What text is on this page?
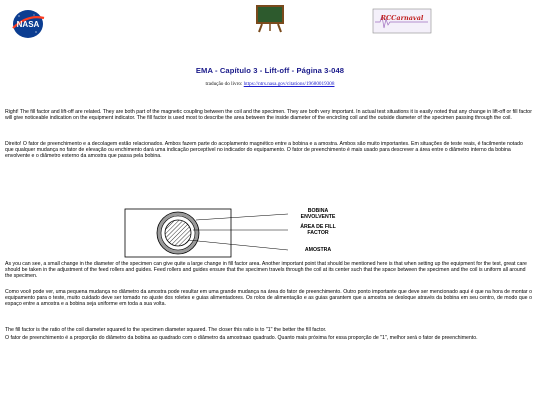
NASA
RCCarnaval
EMA - Capítulo 3 - Lift-off - Página 3-048
tradução do livro: https://ntrs.nasa.gov/citations/19680019308

Right! The fill factor and lift-off are related. They are both part of the magnetic coupling between the coil and the specimen. They are both very important. In actual test situations it is easily noted that any change in lift-off or fill factor will give noticeable indication on the equipment indicator. The fill factor is used most to describe the area between the inside diameter of the encircling coil and the outside diameter of the specimen passing through the coil.

Direito! O fator de preenchimento e a decolagem estão relacionados. Ambos fazem parte do acoplamento magnético entre a bobina e a amostra. Ambos são muito importantes. Em situações de teste reais, é facilmente notado que qualquer mudança no fator de elevação ou enchimento dará uma indicação perceptível no indicador do equipamento. O fator de preenchimento é mais usado para descrever a área entre o diâmetro interno da bobina envolvente e o diâmetro externo da amostra que passa pela bobina.

BOBINA ENVOLVENTE
ÁREA DE FILL FACTOR
AMOSTRA

As you can see, a small change in the diameter of the specimen can give quite a large change in fill factor area. Another important point that should be mentioned here is that when setting up the equipment for the test, great care should be taken in the adjustment of the feed rollers and guides. Feed rollers and guides ensure that the specimen travels through the coil at its center such that the space between the specimen and the coil is uniform all around the specimen.

Como você pode ver, uma pequena mudança no diâmetro da amostra pode resultar em uma grande mudança na área do fator de preenchimento. Outro ponto importante que deve ser mencionado aqui é que na hora de montar o equipamento para o teste, muito cuidado deve ser tomado no ajuste dos roletes e guias alimentadores. Os rolos de alimentação e as guias garantem que a amostra se desloque através da bobina em seu centro, de modo que o espaço entre a amostra e a bobina seja uniforme em toda a sua volta.

The fill factor is the ratio of the coil diameter squared to the specimen diameter squared. The closer this ratio is to "1" the better the fill factor.

O fator de preenchimento é a proporção do diâmetro da bobina ao quadrado com o diâmetro da amostraao quadrado. Quanto mais próxima for essa proporção de "1", melhor será o fator de preenchimento.
